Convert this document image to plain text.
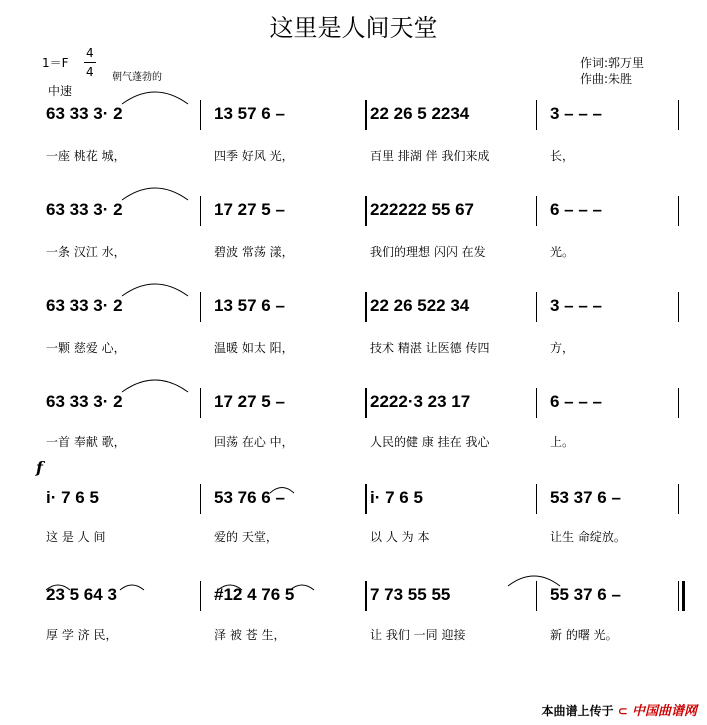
这里是人间天堂
1＝F
4
4 朝气蓬勃的
中速
作词:郭万里
作曲:朱胜
f
63 33 3· 2	13 57 6 –	22 26 5 2234	3 – – –
一座 桃花 城，	四季 好风 光，	百里 排湖 伴 我们来成	长，
63 33 3· 2	17 27 5 –	222222 55 67	6 – – –
一条 汉江 水，	碧波 常荡 漾，	我们的理想 闪闪 在发	光。
63 33 3· 2	13 57 6 –	22 26 522 34	3 – – –
一颗 慈爱 心，	温暖 如太 阳，	技术 精湛 让医德 传四	方，
63 33 3· 2	17 27 5 –	2222·3 23 17	6 – – –
一首 奉献 歌，	回荡 在心 中，	人民的健 康 挂在 我心	上。
i· 7 6 5	53 76 6 –	i· 7 6 5	53 37 6 –
这 是 人 间	爱的 天堂，	以 人 为 本	让生 命绽放。
23 5 64 3	#12 4 76 5	7 73 55 55	55 37 6 –
厚 学 济 民，	泽 被 苍 生，	让 我们 一同 迎接	新 的曙 光。
本曲谱上传于 ⊂ 中国曲谱网
